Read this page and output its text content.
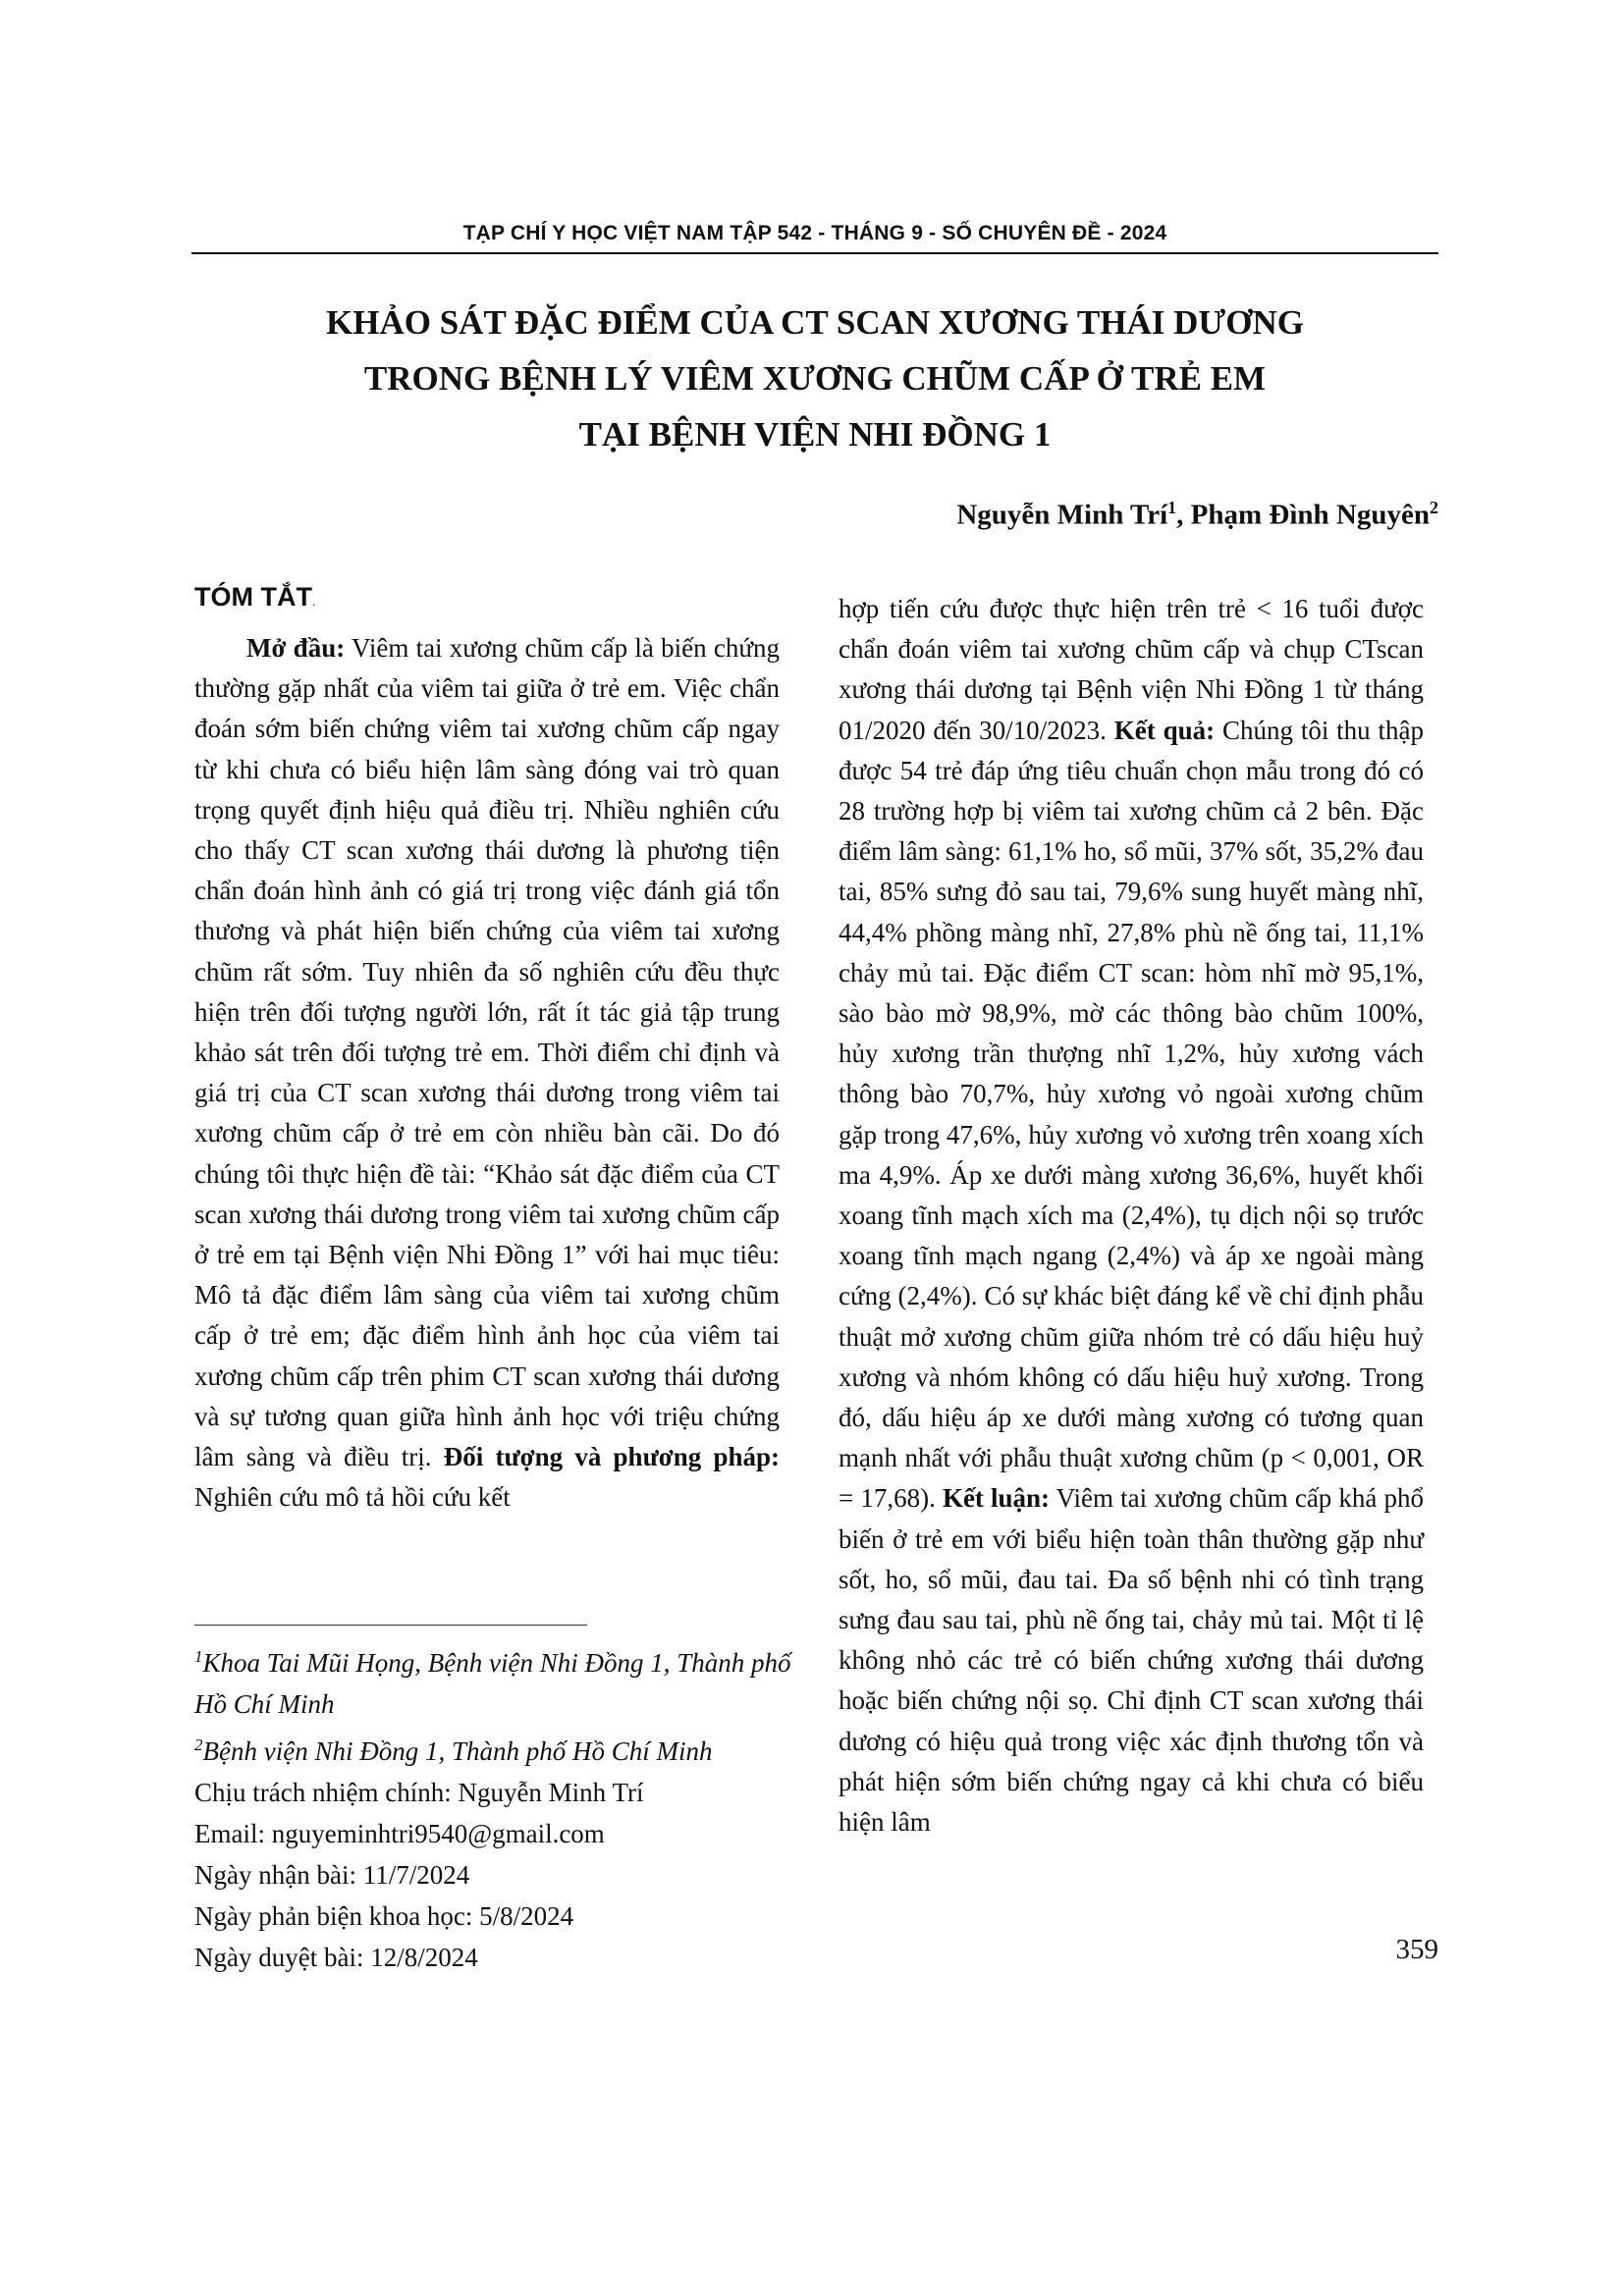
TẠP CHÍ Y HỌC VIỆT NAM TẬP 542 - THÁNG 9 - SỐ CHUYÊN ĐỀ - 2024
KHẢO SÁT ĐẶC ĐIỂM CỦA CT SCAN XƯƠNG THÁI DƯƠNG
TRONG BỆNH LÝ VIÊM XƯƠNG CHŨM CẤP Ở TRẺ EM
TẠI BỆNH VIỆN NHI ĐỒNG 1
Nguyễn Minh Trí$^1$, Phạm Đình Nguyên$^2$
TÓM TẮT.

Mở đầu: Viêm tai xương chũm cấp là biến chứng thường gặp nhất của viêm tai giữa ở trẻ em. Việc chẩn đoán sớm biến chứng viêm tai xương chũm cấp ngay từ khi chưa có biểu hiện lâm sàng đóng vai trò quan trọng quyết định hiệu quả điều trị. Nhiều nghiên cứu cho thấy CT scan xương thái dương là phương tiện chẩn đoán hình ảnh có giá trị trong việc đánh giá tổn thương và phát hiện biến chứng của viêm tai xương chũm rất sớm. Tuy nhiên đa số nghiên cứu đều thực hiện trên đối tượng người lớn, rất ít tác giả tập trung khảo sát trên đối tượng trẻ em. Thời điểm chỉ định và giá trị của CT scan xương thái dương trong viêm tai xương chũm cấp ở trẻ em còn nhiều bàn cãi. Do đó chúng tôi thực hiện đề tài: “Khảo sát đặc điểm của CT scan xương thái dương trong viêm tai xương chũm cấp ở trẻ em tại Bệnh viện Nhi Đồng 1” với hai mục tiêu: Mô tả đặc điểm lâm sàng của viêm tai xương chũm cấp ở trẻ em; đặc điểm hình ảnh học của viêm tai xương chũm cấp trên phim CT scan xương thái dương và sự tương quan giữa hình ảnh học với triệu chứng lâm sàng và điều trị. Đối tượng và phương pháp: Nghiên cứu mô tả hồi cứu kết

$^1$Khoa Tai Mũi Họng, Bệnh viện Nhi Đồng 1, Thành phố Hồ Chí Minh
$^2$Bệnh viện Nhi Đồng 1, Thành phố Hồ Chí Minh
Chịu trách nhiệm chính: Nguyễn Minh Trí
Email: nguyeminhtri9540@gmail.com
Ngày nhận bài: 11/7/2024
Ngày phản biện khoa học: 5/8/2024
Ngày duyệt bài: 12/8/2024

hợp tiến cứu được thực hiện trên trẻ < 16 tuổi được chẩn đoán viêm tai xương chũm cấp và chụp CTscan xương thái dương tại Bệnh viện Nhi Đồng 1 từ tháng 01/2020 đến 30/10/2023. Kết quả: Chúng tôi thu thập được 54 trẻ đáp ứng tiêu chuẩn chọn mẫu trong đó có 28 trường hợp bị viêm tai xương chũm cả 2 bên. Đặc điểm lâm sàng: 61,1% ho, sổ mũi, 37% sốt, 35,2% đau tai, 85% sưng đỏ sau tai, 79,6% sung huyết màng nhĩ, 44,4% phồng màng nhĩ, 27,8% phù nề ống tai, 11,1% chảy mủ tai. Đặc điểm CT scan: hòm nhĩ mờ 95,1%, sào bào mờ 98,9%, mờ các thông bào chũm 100%, hủy xương trần thượng nhĩ 1,2%, hủy xương vách thông bào 70,7%, hủy xương vỏ ngoài xương chũm gặp trong 47,6%, hủy xương vỏ xương trên xoang xích ma 4,9%. Áp xe dưới màng xương 36,6%, huyết khối xoang tĩnh mạch xích ma (2,4%), tụ dịch nội sọ trước xoang tĩnh mạch ngang (2,4%) và áp xe ngoài màng cứng (2,4%). Có sự khác biệt đáng kể về chỉ định phẫu thuật mở xương chũm giữa nhóm trẻ có dấu hiệu huỷ xương và nhóm không có dấu hiệu huỷ xương. Trong đó, dấu hiệu áp xe dưới màng xương có tương quan mạnh nhất với phẫu thuật xương chũm (p < 0,001, OR = 17,68). Kết luận: Viêm tai xương chũm cấp khá phổ biến ở trẻ em với biểu hiện toàn thân thường gặp như sốt, ho, sổ mũi, đau tai. Đa số bệnh nhi có tình trạng sưng đau sau tai, phù nề ống tai, chảy mủ tai. Một tỉ lệ không nhỏ các trẻ có biến chứng xương thái dương hoặc biến chứng nội sọ. Chỉ định CT scan xương thái dương có hiệu quả trong việc xác định thương tổn và phát hiện sớm biến chứng ngay cả khi chưa có biểu hiện lâm

359
